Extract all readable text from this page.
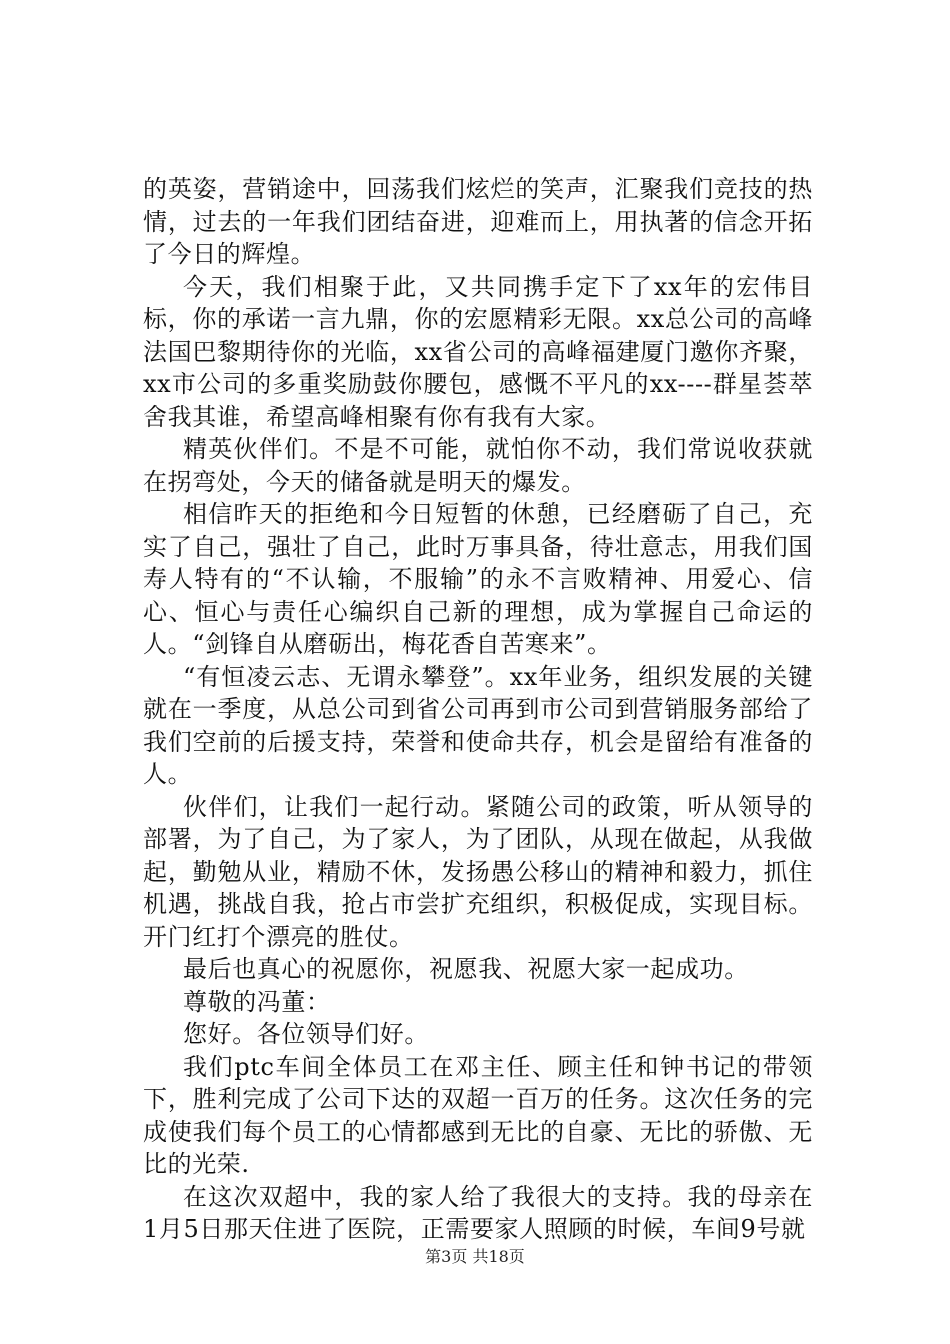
的英姿，营销途中，回荡我们炫烂的笑声，汇聚我们竞技的热情，过去的一年我们团结奋进，迎难而上，用执著的信念开拓了今日的辉煌。

今天，我们相聚于此，又共同携手定下了xx年的宏伟目标，你的承诺一言九鼎，你的宏愿精彩无限。xx总公司的高峰法国巴黎期待你的光临，xx省公司的高峰福建厦门邀你齐聚，xx市公司的多重奖励鼓你腰包，感慨不平凡的xx----群星荟萃舍我其谁，希望高峰相聚有你有我有大家。

精英伙伴们。不是不可能，就怕你不动，我们常说收获就在拐弯处，今天的储备就是明天的爆发。

相信昨天的拒绝和今日短暂的休憩，已经磨砺了自己，充实了自己，强壮了自己，此时万事具备，待壮意志，用我们国寿人特有的“不认输，不服输”的永不言败精神、用爱心、信心、恒心与责任心编织自己新的理想，成为掌握自己命运的人。“剑锋自从磨砺出，梅花香自苦寒来”。

“有恒凌云志、无谓永攀登”。xx年业务，组织发展的关键就在一季度，从总公司到省公司再到市公司到营销服务部给了我们空前的后援支持，荣誉和使命共存，机会是留给有准备的人。

伙伴们，让我们一起行动。紧随公司的政策，听从领导的部署，为了自己，为了家人，为了团队，从现在做起，从我做起，勤勉从业，精励不休，发扬愚公移山的精神和毅力，抓住机遇，挑战自我，抢占市尝扩充组织，积极促成，实现目标。开门红打个漂亮的胜仗。

最后也真心的祝愿你，祝愿我、祝愿大家一起成功。

尊敬的冯董：

您好。各位领导们好。

我们ptc车间全体员工在邓主任、顾主任和钟书记的带领下，胜利完成了公司下达的双超一百万的任务。这次任务的完成使我们每个员工的心情都感到无比的自豪、无比的骄傲、无比的光荣.

在这次双超中，我的家人给了我很大的支持。我的母亲在1月5日那天住进了医院，正需要家人照顾的时候，车间9号就

第3页 共18页
